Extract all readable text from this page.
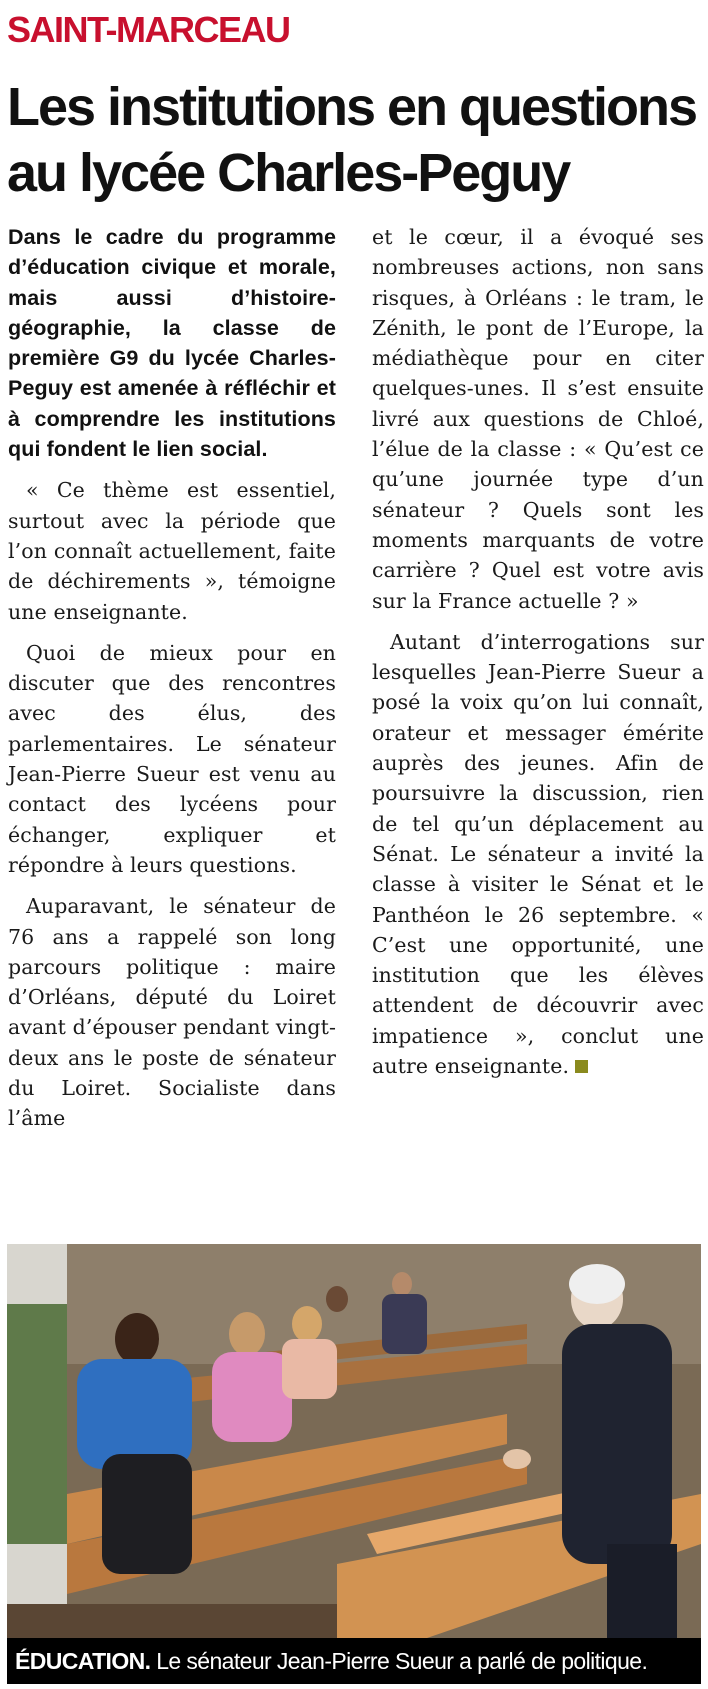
SAINT-MARCEAU
Les institutions en questions
au lycée Charles-Peguy

Dans le cadre du programme d’éducation civique et morale, mais aussi d’histoire-géographie, la classe de première G9 du lycée Charles-Peguy est amenée à réfléchir et à comprendre les institutions qui fondent le lien social.

« Ce thème est essentiel, surtout avec la période que l’on connaît actuellement, faite de déchirements », témoigne une enseignante.

Quoi de mieux pour en discuter que des rencontres avec des élus, des parlementaires. Le sénateur Jean-Pierre Sueur est venu au contact des lycéens pour échanger, expliquer et répondre à leurs questions.

Auparavant, le sénateur de 76 ans a rappelé son long parcours politique : maire d’Orléans, député du Loiret avant d’épouser pendant vingt-deux ans le poste de sénateur du Loiret. Socialiste dans l’âme

et le cœur, il a évoqué ses nombreuses actions, non sans risques, à Orléans : le tram, le Zénith, le pont de l’Europe, la médiathèque pour en citer quelques-unes. Il s’est ensuite livré aux questions de Chloé, l’élue de la classe : « Qu’est ce qu’une journée type d’un sénateur ? Quels sont les moments marquants de votre carrière ? Quel est votre avis sur la France actuelle ? »

Autant d’interrogations sur lesquelles Jean-Pierre Sueur a posé la voix qu’on lui connaît, orateur et messager émérite auprès des jeunes. Afin de poursuivre la discussion, rien de tel qu’un déplacement au Sénat. Le sénateur a invité la classe à visiter le Sénat et le Panthéon le 26 septembre. « C’est une opportunité, une institution que les élèves attendent de découvrir avec impatience », conclut une autre enseignante.

ÉDUCATION. Le sénateur Jean-Pierre Sueur a parlé de politique.
